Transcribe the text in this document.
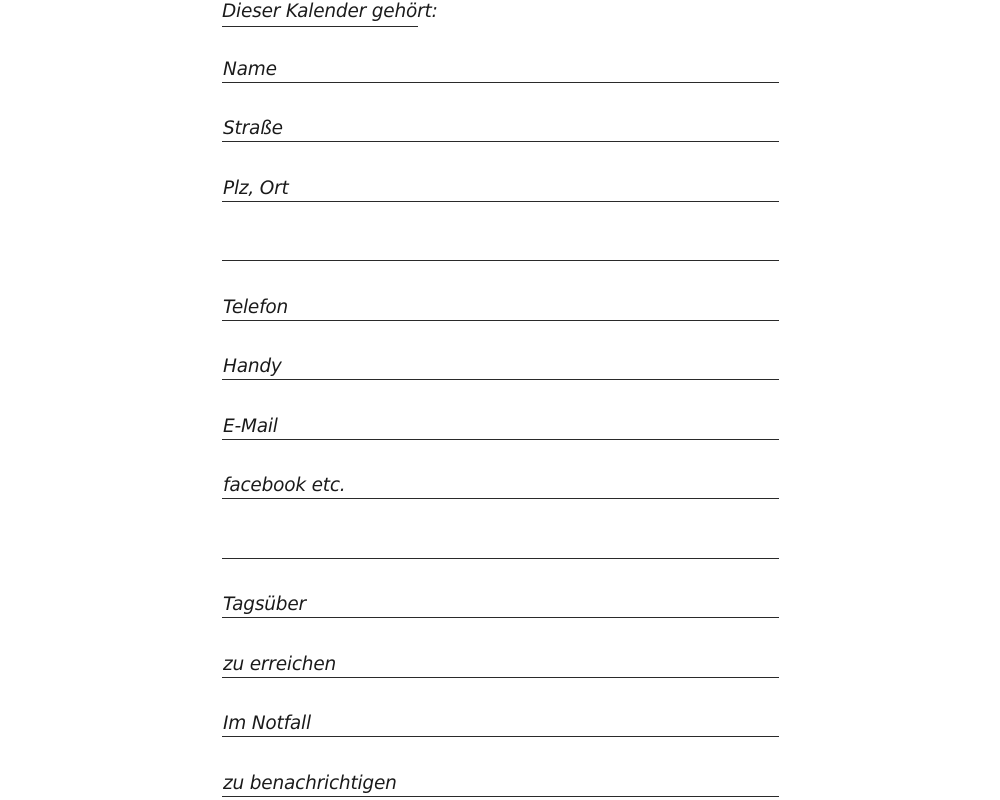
Dieser Kalender gehört:
Name
Straße
Plz, Ort
Telefon
Handy
E-Mail
facebook etc.
Tagsüber
zu erreichen
Im Notfall
zu benachrichtigen
